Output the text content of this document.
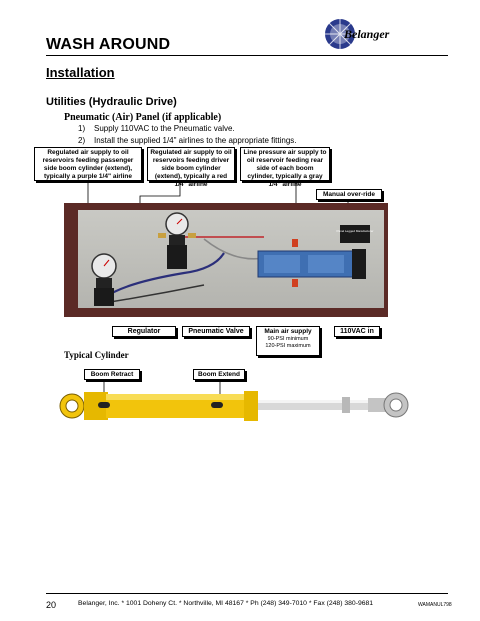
WASH AROUND
Belanger
Installation
Utilities (Hydraulic Drive)
Pneumatic (Air) Panel (if applicable)
1) Supply 110VAC to the Pneumatic valve.
2) Install the supplied 1/4" airlines to the appropriate fittings.
Regulated air supply to oil reservoirs feeding passenger side boom cylinder (extend), typically a purple 1/4" airline
Regulated air supply to oil reservoirs feeding driver side boom cylinder (extend), typically a red 1/4" airline
Line pressure air supply to oil reservoir feeding rear side of each boom cylinder, typically a gray 1/4" airline
Manual over-ride
Panel Legged Manufacturer
Regulator	Pneumatic Valve	Main air supply
90-PSI minimum
120-PSI maximum
110VAC in
Typical Cylinder
Boom Retract	Boom Extend
20	Belanger, Inc. * 1001 Doheny Ct. * Northville, MI 48167 * Ph (248) 349-7010 * Fax (248) 380-9681	WAMANUL798
